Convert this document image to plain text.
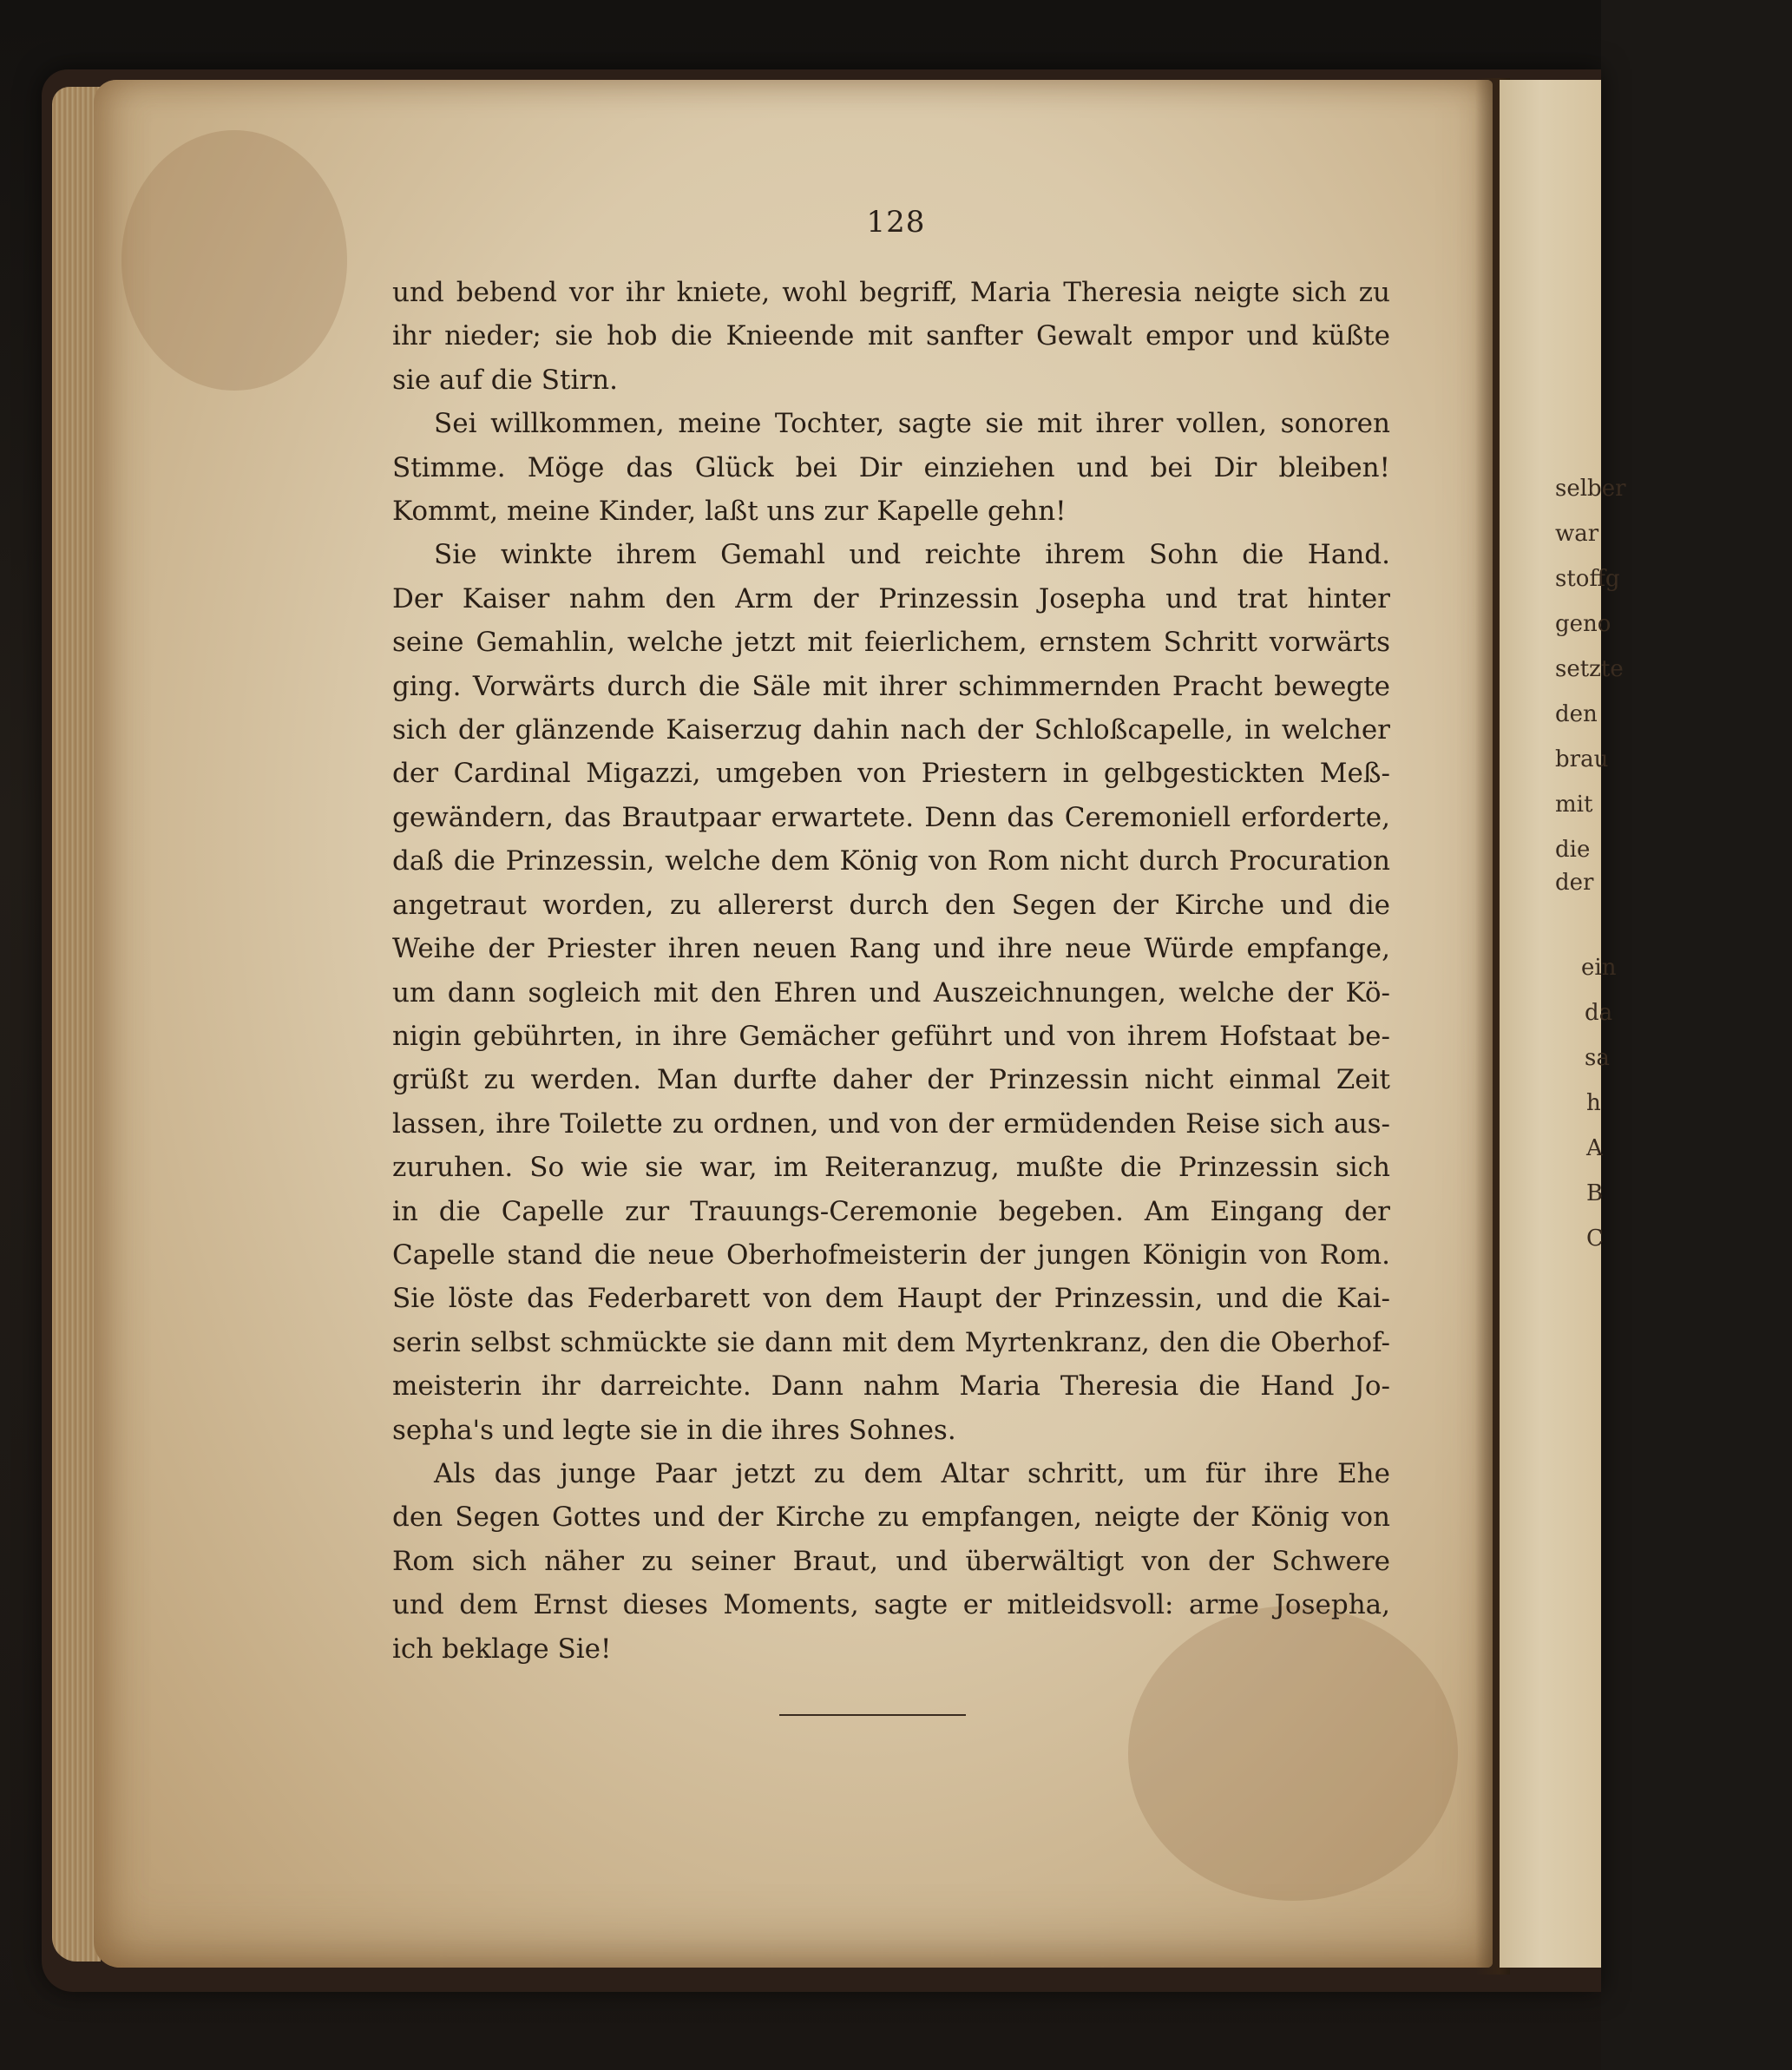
selber
war
stoffg
geno
setzte
den
brau
mit
die
der
ein
da
sa
h
A
B
C
128
und bebend vor ihr kniete, wohl begriff, Maria Theresia neigte sich zu
ihr nieder; sie hob die Knieende mit sanfter Gewalt empor und küßte
sie auf die Stirn.
Sei willkommen, meine Tochter, sagte sie mit ihrer vollen, sonoren
Stimme. Möge das Glück bei Dir einziehen und bei Dir bleiben!
Kommt, meine Kinder, laßt uns zur Kapelle gehn!
Sie winkte ihrem Gemahl und reichte ihrem Sohn die Hand.
Der Kaiser nahm den Arm der Prinzessin Josepha und trat hinter
seine Gemahlin, welche jetzt mit feierlichem, ernstem Schritt vorwärts
ging. Vorwärts durch die Säle mit ihrer schimmernden Pracht bewegte
sich der glänzende Kaiserzug dahin nach der Schloßcapelle, in welcher
der Cardinal Migazzi, umgeben von Priestern in gelbgestickten Meß-
gewändern, das Brautpaar erwartete. Denn das Ceremoniell erforderte,
daß die Prinzessin, welche dem König von Rom nicht durch Procuration
angetraut worden, zu allererst durch den Segen der Kirche und die
Weihe der Priester ihren neuen Rang und ihre neue Würde empfange,
um dann sogleich mit den Ehren und Auszeichnungen, welche der Kö-
nigin gebührten, in ihre Gemächer geführt und von ihrem Hofstaat be-
grüßt zu werden. Man durfte daher der Prinzessin nicht einmal Zeit
lassen, ihre Toilette zu ordnen, und von der ermüdenden Reise sich aus-
zuruhen. So wie sie war, im Reiteranzug, mußte die Prinzessin sich
in die Capelle zur Trauungs-Ceremonie begeben. Am Eingang der
Capelle stand die neue Oberhofmeisterin der jungen Königin von Rom.
Sie löste das Federbarett von dem Haupt der Prinzessin, und die Kai-
serin selbst schmückte sie dann mit dem Myrtenkranz, den die Oberhof-
meisterin ihr darreichte. Dann nahm Maria Theresia die Hand Jo-
sepha's und legte sie in die ihres Sohnes.
Als das junge Paar jetzt zu dem Altar schritt, um für ihre Ehe
den Segen Gottes und der Kirche zu empfangen, neigte der König von
Rom sich näher zu seiner Braut, und überwältigt von der Schwere
und dem Ernst dieses Moments, sagte er mitleidsvoll: arme Josepha,
ich beklage Sie!
